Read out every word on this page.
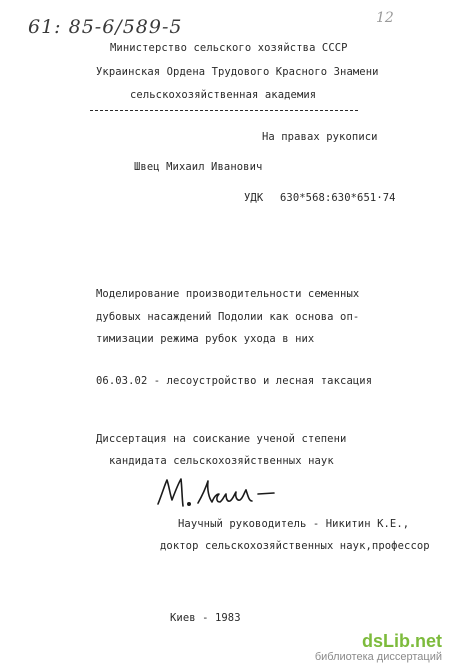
61: 85-6/589-5	12
Министерство сельского хозяйства СССР
Украинская Ордена Трудового Красного Знамени
сельскохозяйственная академия
На правах рукописи
Швец Михаил Иванович
УДК 630*568:630*651·74
Моделирование производительности семенных
дубовых насаждений Подолии как основа оп-
тимизации режима рубок ухода в них
06.03.02 - лесоустройство и лесная таксация
Диссертация на соискание ученой степени
кандидата сельскохозяйственных наук
Научный руководитель - Никитин К.Е.,
доктор сельскохозяйственных наук,профессор
Киев - 1983
dsLib.net
библиотека диссертаций
